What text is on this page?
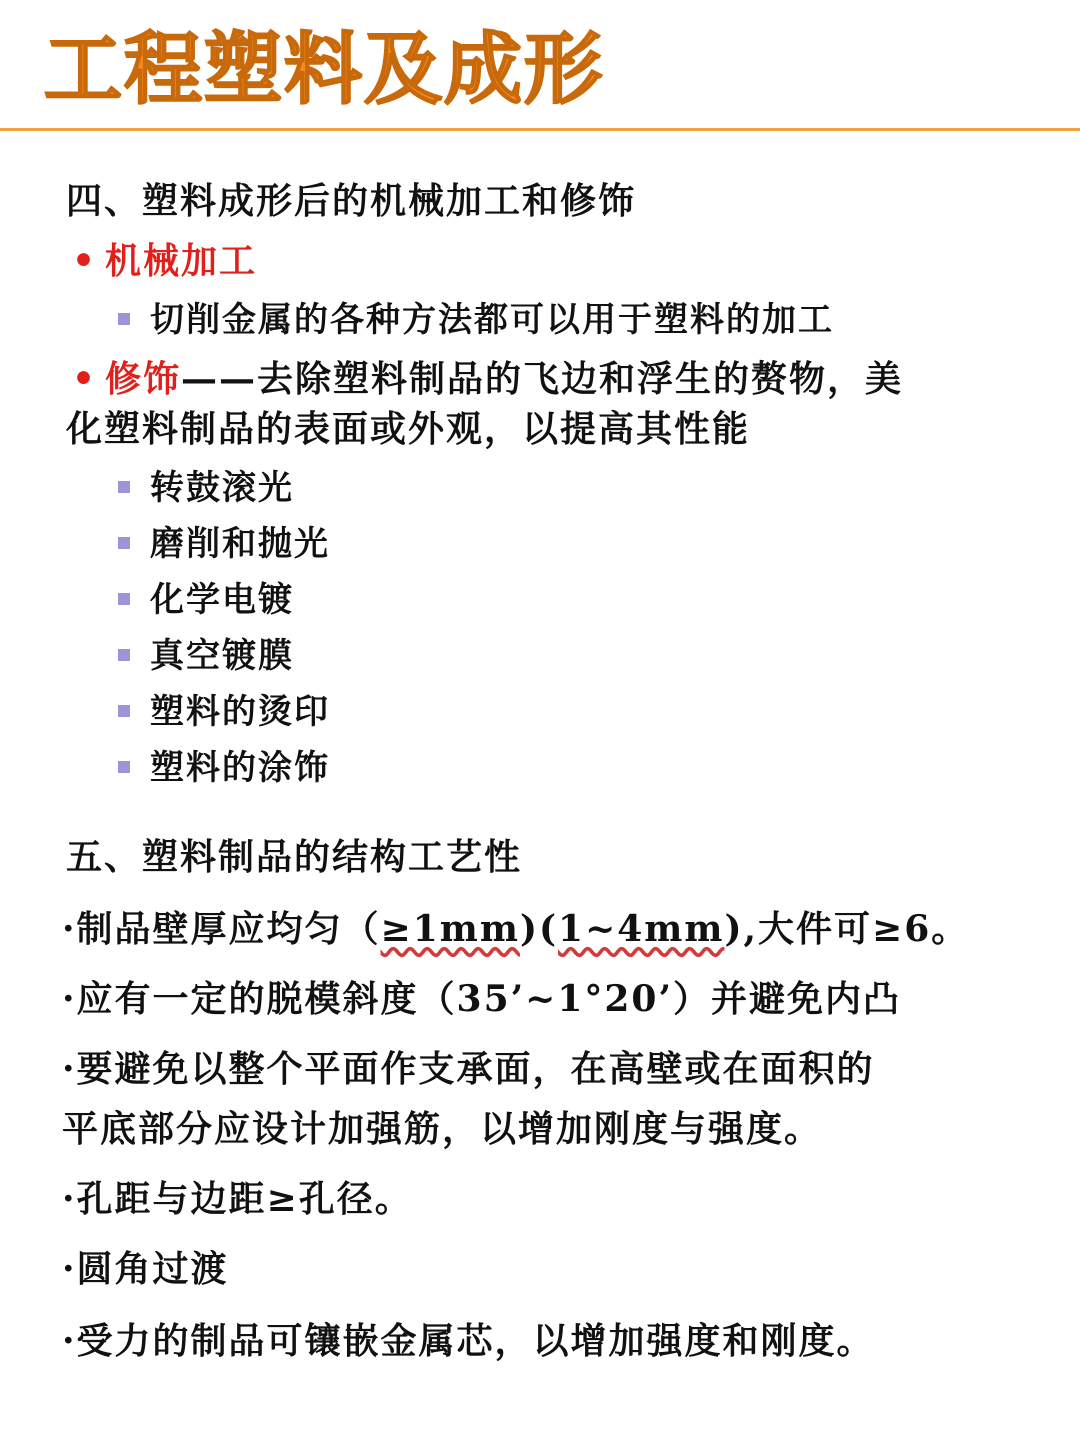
工程塑料及成形
四、塑料成形后的机械加工和修饰
• 机械加工
切削金属的各种方法都可以用于塑料的加工
• 修饰——去除塑料制品的飞边和浮生的赘物，美
化塑料制品的表面或外观，以提高其性能
转鼓滚光
磨削和抛光
化学电镀
真空镀膜
塑料的烫印
塑料的涂饰
五、塑料制品的结构工艺性
·制品壁厚应均匀（≥1mm)(1~4mm),大件可≥6。
·应有一定的脱模斜度（35’~1°20’）并避免内凸
·要避免以整个平面作支承面，在高壁或在面积的
平底部分应设计加强筋，以增加刚度与强度。
·孔距与边距≥孔径。
·圆角过渡
·受力的制品可镶嵌金属芯，以增加强度和刚度。
